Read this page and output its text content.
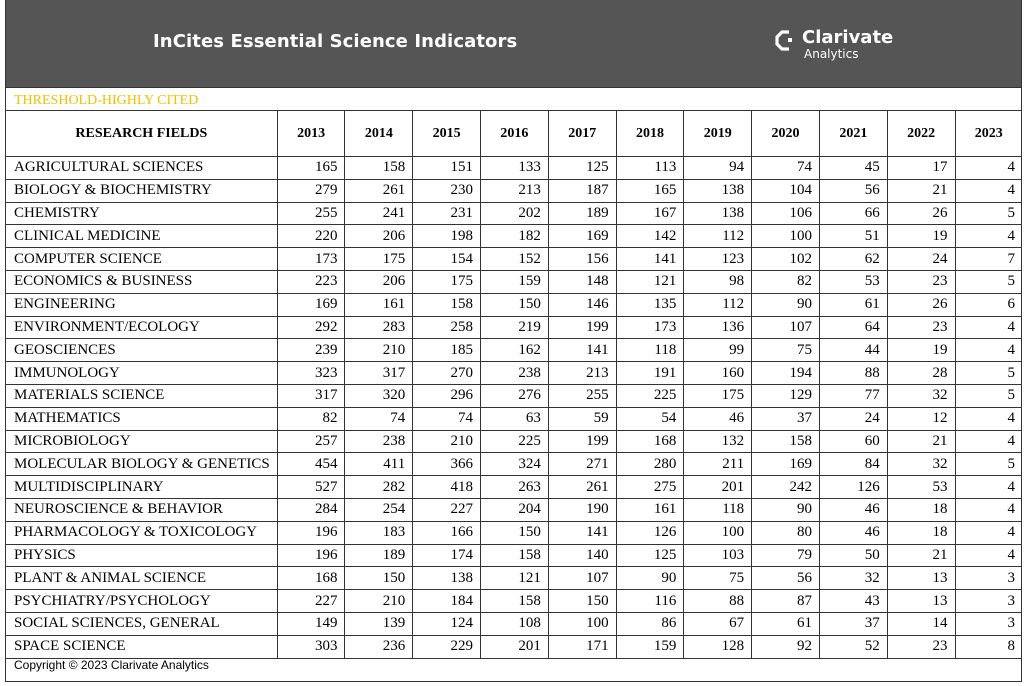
InCites Essential Science Indicators	Clarivate
Analytics
THRESHOLD-HIGHLY CITED
RESEARCH FIELDS	2013	2014	2015	2016	2017	2018	2019	2020	2021	2022	2023
AGRICULTURAL SCIENCES	165	158	151	133	125	113	94	74	45	17	4
BIOLOGY & BIOCHEMISTRY	279	261	230	213	187	165	138	104	56	21	4
CHEMISTRY	255	241	231	202	189	167	138	106	66	26	5
CLINICAL MEDICINE	220	206	198	182	169	142	112	100	51	19	4
COMPUTER SCIENCE	173	175	154	152	156	141	123	102	62	24	7
ECONOMICS & BUSINESS	223	206	175	159	148	121	98	82	53	23	5
ENGINEERING	169	161	158	150	146	135	112	90	61	26	6
ENVIRONMENT/ECOLOGY	292	283	258	219	199	173	136	107	64	23	4
GEOSCIENCES	239	210	185	162	141	118	99	75	44	19	4
IMMUNOLOGY	323	317	270	238	213	191	160	194	88	28	5
MATERIALS SCIENCE	317	320	296	276	255	225	175	129	77	32	5
MATHEMATICS	82	74	74	63	59	54	46	37	24	12	4
MICROBIOLOGY	257	238	210	225	199	168	132	158	60	21	4
MOLECULAR BIOLOGY & GENETICS	454	411	366	324	271	280	211	169	84	32	5
MULTIDISCIPLINARY	527	282	418	263	261	275	201	242	126	53	4
NEUROSCIENCE & BEHAVIOR	284	254	227	204	190	161	118	90	46	18	4
PHARMACOLOGY & TOXICOLOGY	196	183	166	150	141	126	100	80	46	18	4
PHYSICS	196	189	174	158	140	125	103	79	50	21	4
PLANT & ANIMAL SCIENCE	168	150	138	121	107	90	75	56	32	13	3
PSYCHIATRY/PSYCHOLOGY	227	210	184	158	150	116	88	87	43	13	3
SOCIAL SCIENCES, GENERAL	149	139	124	108	100	86	67	61	37	14	3
SPACE SCIENCE	303	236	229	201	171	159	128	92	52	23	8
Copyright © 2023 Clarivate Analytics
